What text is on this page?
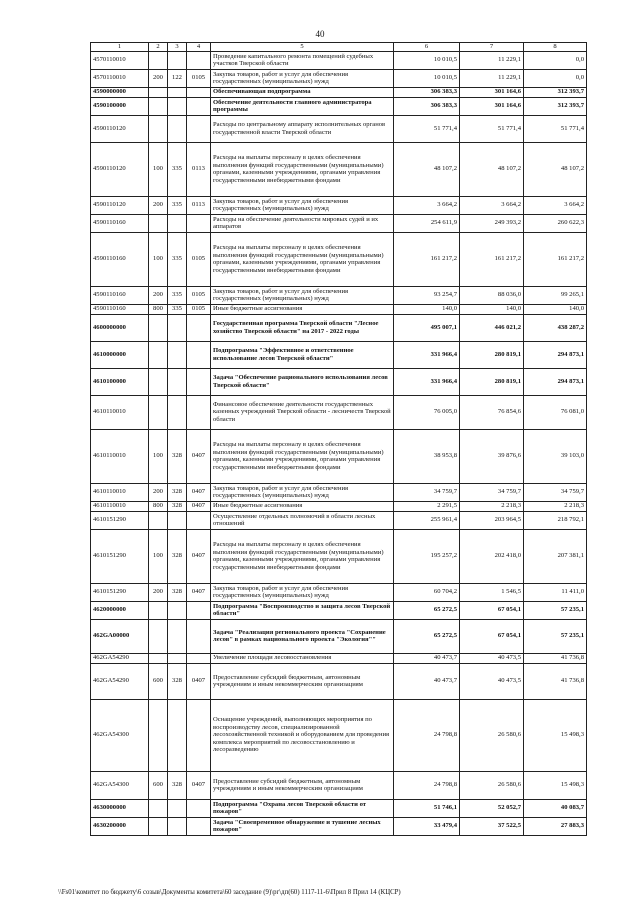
40
1	2	3	4	5	6	7	8
4570110010				Проведение капитального ремонта помещений судебных участков Тверской области	10 010,5	11 229,1	0,0
4570110010	200	122	0105	Закупка товаров, работ и услуг для обеспечения государственных (муниципальных) нужд	10 010,5	11 229,1	0,0
4590000000				Обеспечивающая подпрограмма	306 383,3	301 164,6	312 393,7
4590100000				Обеспечение деятельности главного администратора программы	306 383,3	301 164,6	312 393,7
4590110120				Расходы по центральному аппарату исполнительных органов государственной власти Тверской области	51 771,4	51 771,4	51 771,4
4590110120	100	335	0113	Расходы на выплаты персоналу в целях обеспечения выполнения функций государственными (муниципальными) органами, казенными учреждениями, органами управления государственными внебюджетными фондами	48 107,2	48 107,2	48 107,2
4590110120	200	335	0113	Закупка товаров, работ и услуг для обеспечения государственных (муниципальных) нужд	3 664,2	3 664,2	3 664,2
4590110160				Расходы на обеспечение деятельности мировых судей и их аппаратов	254 611,9	249 393,2	260 622,3
4590110160	100	335	0105	Расходы на выплаты персоналу в целях обеспечения выполнения функций государственными (муниципальными) органами, казенными учреждениями, органами управления государственными внебюджетными фондами	161 217,2	161 217,2	161 217,2
4590110160	200	335	0105	Закупка товаров, работ и услуг для обеспечения государственных (муниципальных) нужд	93 254,7	88 036,0	99 265,1
4590110160	800	335	0105	Иные бюджетные ассигнования	140,0	140,0	140,0
4600000000				Государственная программа Тверской области "Лесное хозяйство Тверской области" на 2017 - 2022 годы	495 007,1	446 021,2	438 287,2
4610000000				Подпрограмма "Эффективное и ответственное использование лесов Тверской области"	331 966,4	280 819,1	294 873,1
4610100000				Задача "Обеспечение рационального использования лесов Тверской области"	331 966,4	280 819,1	294 873,1
4610110010				Финансовое обеспечение деятельности государственных казенных учреждений Тверской области - лесничеств Тверской области	76 005,0	76 854,6	76 081,0
4610110010	100	328	0407	Расходы на выплаты персоналу в целях обеспечения выполнения функций государственными (муниципальными) органами, казенными учреждениями, органами управления государственными внебюджетными фондами	38 953,8	39 876,6	39 103,0
4610110010	200	328	0407	Закупка товаров, работ и услуг для обеспечения государственных (муниципальных) нужд	34 759,7	34 759,7	34 759,7
4610110010	800	328	0407	Иные бюджетные ассигнования	2 291,5	2 218,3	2 218,3
4610151290				Осуществление отдельных полномочий в области лесных отношений	255 961,4	203 964,5	218 792,1
4610151290	100	328	0407	Расходы на выплаты персоналу в целях обеспечения выполнения функций государственными (муниципальными) органами, казенными учреждениями, органами управления государственными внебюджетными фондами	195 257,2	202 418,0	207 381,1
4610151290	200	328	0407	Закупка товаров, работ и услуг для обеспечения государственных (муниципальных) нужд	60 704,2	1 546,5	11 411,0
4620000000				Подпрограмма "Воспроизводство и защита лесов Тверской области"	65 272,5	67 054,1	57 235,1
462GA00000				Задача "Реализация регионального проекта "Сохранение лесов" в рамках национального проекта "Экология""	65 272,5	67 054,1	57 235,1
462GA54290				Увеличение площади лесовосстановления	40 473,7	40 473,5	41 736,8
462GA54290	600	328	0407	Предоставление субсидий бюджетным, автономным учреждениям и иным некоммерческим организациям	40 473,7	40 473,5	41 736,8
462GA54300				Оснащение учреждений, выполняющих мероприятия по воспроизводству лесов, специализированной лесохозяйственной техникой и оборудованием для проведения комплекса мероприятий по лесовосстановлению и лесоразведению	24 798,8	26 580,6	15 498,3
462GA54300	600	328	0407	Предоставление субсидий бюджетным, автономным учреждениям и иным некоммерческим организациям	24 798,8	26 580,6	15 498,3
4630000000				Подпрограмма "Охрана лесов Тверской области от пожаров"	51 746,1	52 052,7	40 083,7
4630200000				Задача "Своевременное обнаружение и тушение лесных пожаров"	33 479,4	37 522,5	27 883,3
\\Fs01\комитет по бюджету\6 созыв\Документы комитета\60 заседание (9)\рг\дп(60) 1117-11-6\Прил 8 Прил 14 (КЦСР)
